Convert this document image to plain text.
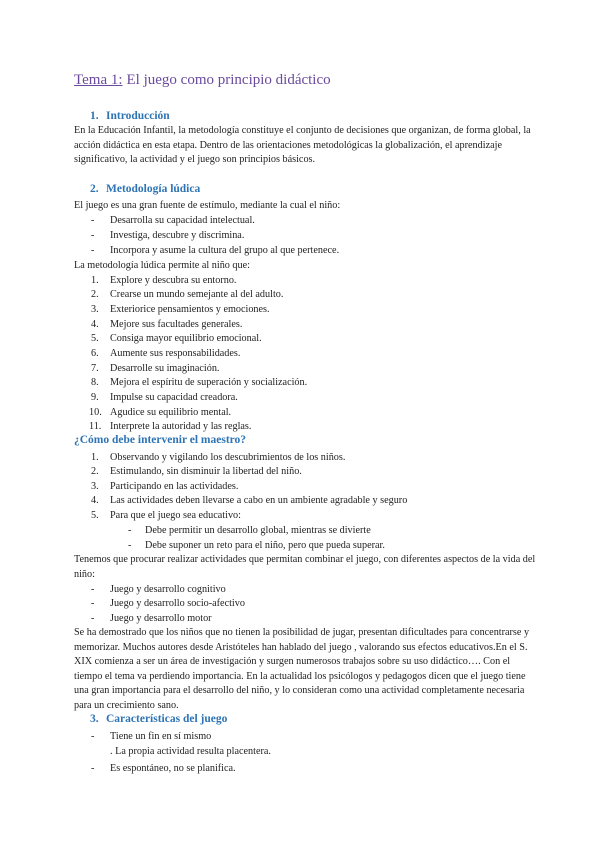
Tema 1: El juego como principio didáctico
1. Introducción
En la Educación Infantil, la metodología constituye el conjunto de decisiones que organizan, de forma global, la acción didáctica en esta etapa. Dentro de las orientaciones metodológicas la globalización, el aprendizaje significativo, la actividad y el juego son principios básicos.
2. Metodología lúdica
El juego es una gran fuente de estímulo, mediante la cual el niño:
- Desarrolla su capacidad intelectual.
- Investiga, descubre y discrimina.
- Incorpora y asume la cultura del grupo al que pertenece.
La metodología lúdica permite al niño que:
1. Explore y descubra su entorno.
2. Crearse un mundo semejante al del adulto.
3. Exteriorice pensamientos y emociones.
4. Mejore sus facultades generales.
5. Consiga mayor equilibrio emocional.
6. Aumente sus responsabilidades.
7. Desarrolle su imaginación.
8. Mejora el espíritu de superación y socialización.
9. Impulse su capacidad creadora.
10. Agudice su equilibrio mental.
11. Interprete la autoridad y las reglas.
¿Cómo debe intervenir el maestro?
1. Observando y vigilando los descubrimientos de los niños.
2. Estimulando, sin disminuir la libertad del niño.
3. Participando en las actividades.
4. Las actividades deben llevarse a cabo en un ambiente agradable y seguro
5. Para que el juego sea educativo:
- Debe permitir un desarrollo global, mientras se divierte
- Debe suponer un reto para el niño, pero que pueda superar.
Tenemos que procurar realizar actividades que permitan combinar el juego, con diferentes aspectos de la vida del niño:
- Juego y desarrollo cognitivo
- Juego y desarrollo socio-afectivo
- Juego y desarrollo motor
Se ha demostrado que los niños que no tienen la posibilidad de jugar, presentan dificultades para concentrarse y memorizar. Muchos autores desde Aristóteles han hablado del juego , valorando sus efectos educativos.En el S. XIX comienza a ser un área de investigación y surgen numerosos trabajos sobre su uso didáctico…. Con el tiempo el tema va perdiendo importancia. En la actualidad los psicólogos y pedagogos dicen que el juego tiene una gran importancia para el desarrollo del niño, y lo consideran como una actividad completamente necesaria para un crecimiento sano.
3. Características del juego
- Tiene un fin en sí mismo
. La propia actividad resulta placentera.
- Es espontáneo, no se planifica.
